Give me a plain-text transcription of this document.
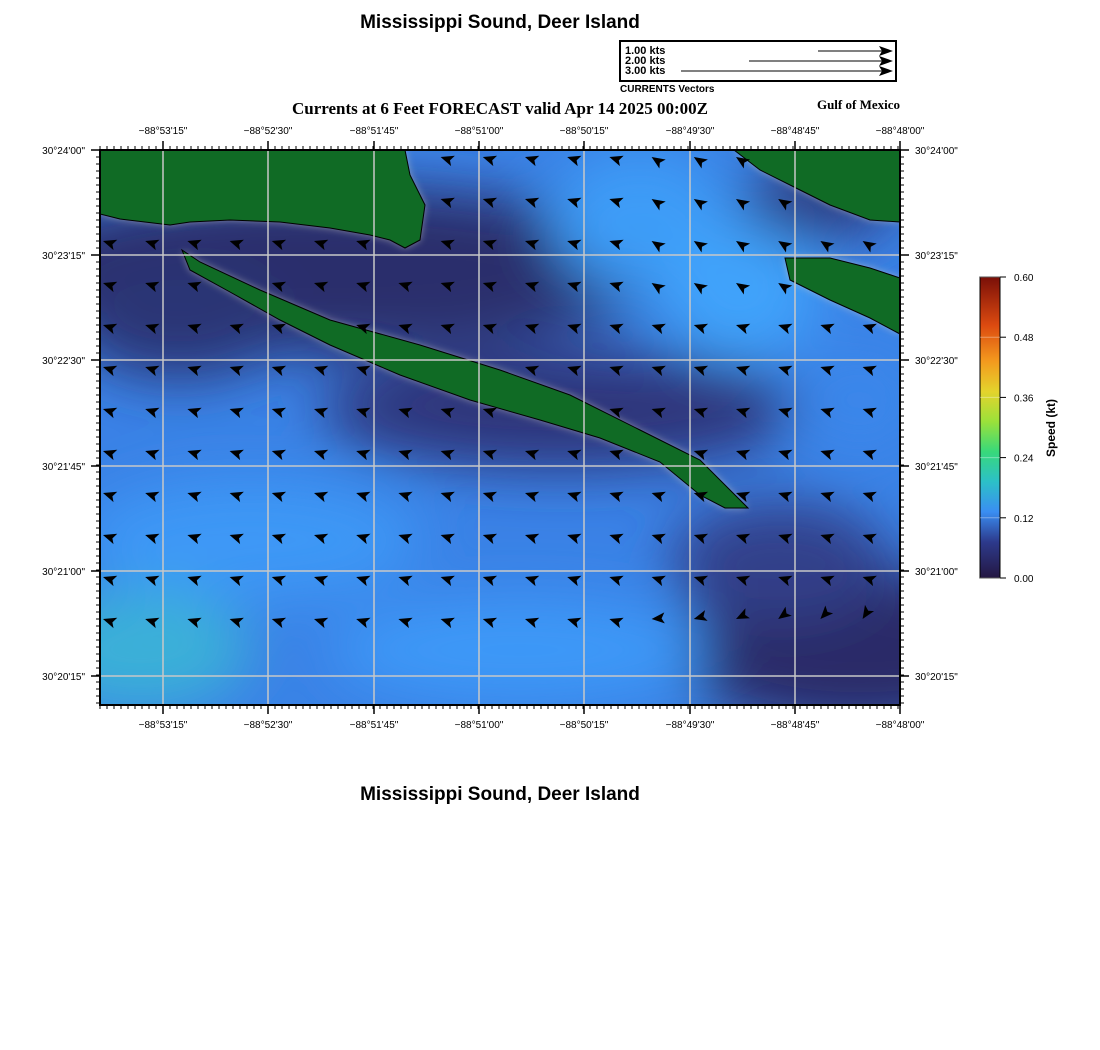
Mississippi Sound, Deer Island
Currents at 6 Feet FORECAST valid Apr 14 2025 00:00Z	Gulf of Mexico
1.00 kts
2.00 kts
3.00 kts
CURRENTS Vectors
−88°53'15"
−88°53'15"
−88°52'30"
−88°52'30"
−88°51'45"
−88°51'45"
−88°51'00"
−88°51'00"
−88°50'15"
−88°50'15"
−88°49'30"
−88°49'30"
−88°48'45"
−88°48'45"
−88°48'00"
−88°48'00"
30°24'00"	30°24'00"
30°23'15"	30°23'15"
30°22'30"	30°22'30"
30°21'45"	30°21'45"
30°21'00"	30°21'00"
30°20'15"	30°20'15"
0.00
0.12
0.24
0.36
0.48
0.60
Speed (kt)
Mississippi Sound, Deer Island
